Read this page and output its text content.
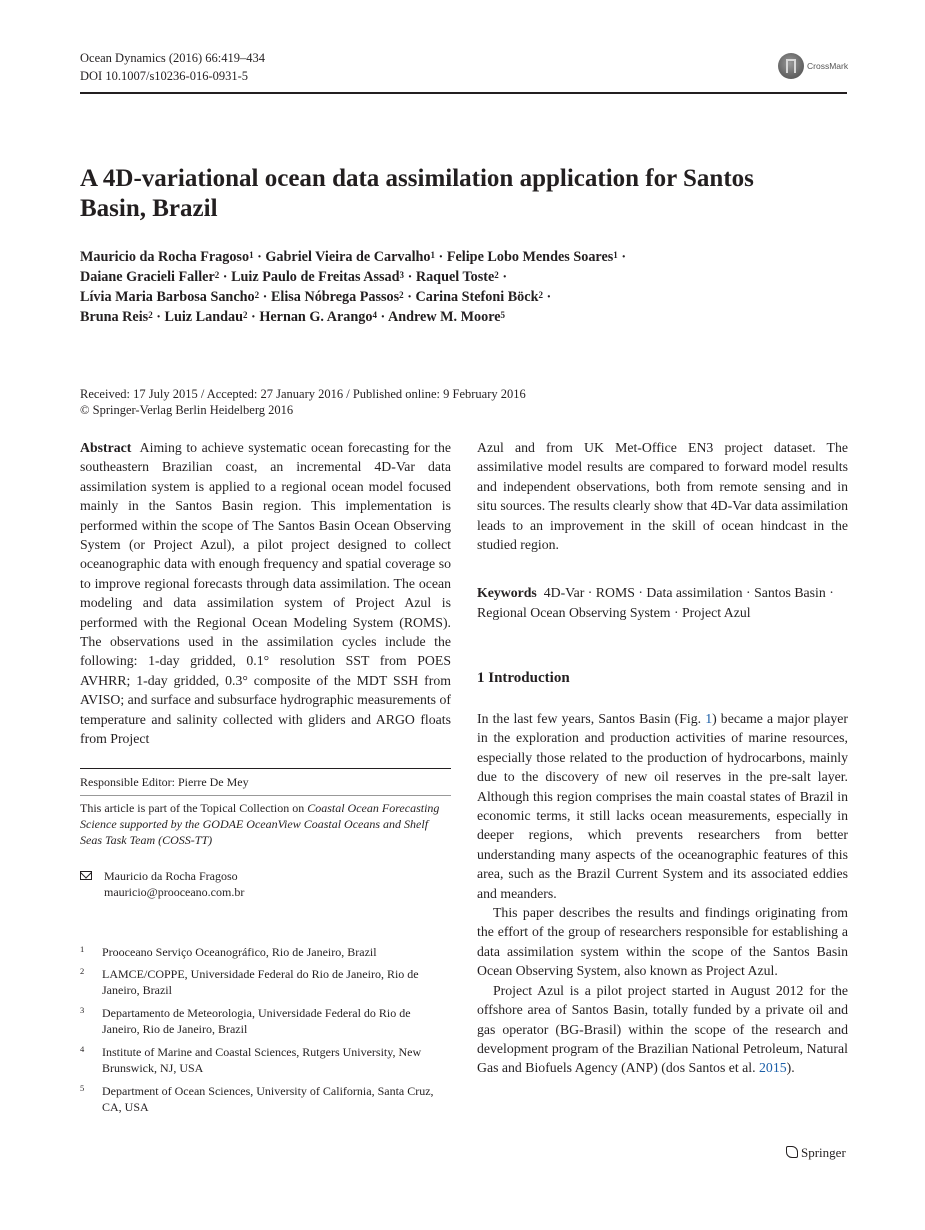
Ocean Dynamics (2016) 66:419–434
DOI 10.1007/s10236-016-0931-5
CrossMark
A 4D-variational ocean data assimilation application for Santos
Basin, Brazil
Mauricio da Rocha Fragoso$^1$ · Gabriel Vieira de Carvalho$^1$ · Felipe Lobo Mendes Soares$^1$ ·
Daiane Gracieli Faller$^2$ · Luiz Paulo de Freitas Assad$^3$ · Raquel Toste$^2$ ·
Lívia Maria Barbosa Sancho$^2$ · Elisa Nóbrega Passos$^2$ · Carina Stefoni Böck$^2$ ·
Bruna Reis$^2$ · Luiz Landau$^2$ · Hernan G. Arango$^4$ · Andrew M. Moore$^5$
Received: 17 July 2015 / Accepted: 27 January 2016 / Published online: 9 February 2016
© Springer-Verlag Berlin Heidelberg 2016
Abstract Aiming to achieve systematic ocean forecasting for the southeastern Brazilian coast, an incremental 4D-Var data assimilation system is applied to a regional ocean model focused mainly in the Santos Basin region. This implementation is performed within the scope of The Santos Basin Ocean Observing System (or Project Azul), a pilot project designed to collect oceanographic data with enough frequency and spatial coverage so to improve regional forecasts through data assimilation. The ocean modeling and data assimilation system of Project Azul is performed with the Regional Ocean Modeling System (ROMS). The observations used in the assimilation cycles include the following: 1-day gridded, 0.1° resolution SST from POES AVHRR; 1-day gridded, 0.3° composite of the MDT SSH from AVISO; and surface and subsurface hydrographic measurements of temperature and salinity collected with gliders and ARGO floats from Project
Azul and from UK Met-Office EN3 project dataset. The assimilative model results are compared to forward model results and independent observations, both from remote sensing and in situ sources. The results clearly show that 4D-Var data assimilation leads to an improvement in the skill of ocean hindcast in the studied region.
Keywords 4D-Var · ROMS · Data assimilation · Santos Basin · Regional Ocean Observing System · Project Azul
1 Introduction

In the last few years, Santos Basin (Fig. 1) became a major player in the exploration and production activities of marine resources, especially those related to the production of hydrocarbons, mainly due to the discovery of new oil reserves in the pre-salt layer. Although this region comprises the main coastal states of Brazil in economic terms, it still lacks ocean measurements, especially in deeper regions, which prevents researchers from better understanding many aspects of the oceanographic features of this area, such as the Brazil Current System and its associated eddies and meanders.

This paper describes the results and findings originating from the effort of the group of researchers responsible for establishing a data assimilation system within the scope of the Santos Basin Ocean Observing System, also known as Project Azul.

Project Azul is a pilot project started in August 2012 for the offshore area of Santos Basin, totally funded by a private oil and gas operator (BG-Brasil) within the scope of the research and development program of the Brazilian National Petroleum, Natural Gas and Biofuels Agency (ANP) (dos Santos et al. 2015).

Responsible Editor: Pierre De Mey
This article is part of the Topical Collection on Coastal Ocean Forecasting Science supported by the GODAE OceanView Coastal Oceans and Shelf Seas Task Team (COSS-TT)
Mauricio da Rocha Fragoso
mauricio@prooceano.com.br
1 Prooceano Serviço Oceanográfico, Rio de Janeiro, Brazil
2 LAMCE/COPPE, Universidade Federal do Rio de Janeiro, Rio de Janeiro, Brazil
3 Departamento de Meteorologia, Universidade Federal do Rio de Janeiro, Rio de Janeiro, Brazil
4 Institute of Marine and Coastal Sciences, Rutgers University, New Brunswick, NJ, USA
5 Department of Ocean Sciences, University of California, Santa Cruz, CA, USA
Springer
